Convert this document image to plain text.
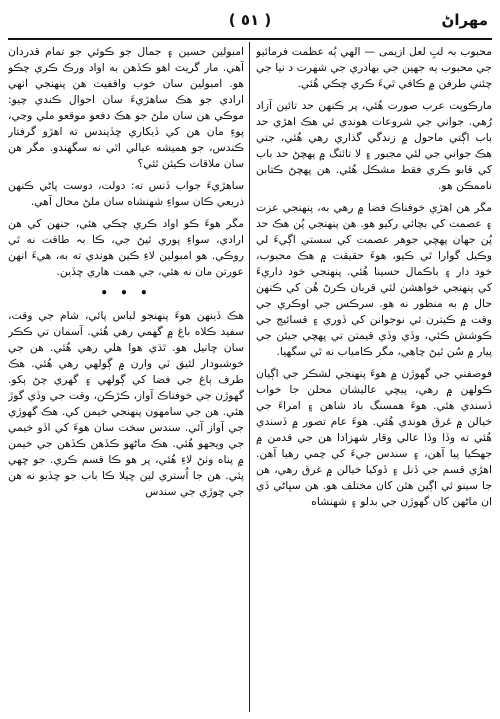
مهراڻ
( ٥١ )

محبوب بہ لبِ لعل ازیمی — الهي ٻُه عظمت فرمائيو جي محبوب ٻه جهين جي بهادري جي شهرت د نيا جي چئني طرفن ۾ ڪافي ٿيءَ ڪري چڪي هُئي.

مارڪوپت عرب صورت هُئي، پر ڪنهن حد تائين آزاد رُهي. جواني جي شروعات هوندي ئي هڪ اهڙي حد باب اڳتي ماحول ۾ زندگي گذاري رهي هُئي، جتي هڪ جواني جي لئي مجبور ۽ لا تائنگ ۾ پهچڻ حد باب کي قابو ڪري فقط مشڪل هُئي. هن پهچڻ ڪتابن ناممڪن هو.

مگر هن اهڙي خوفناڪ فضا ۾ رهي به، پنهنجي عزت ۽ عصمت کي بچائي رکيو هو. هن پنهنجي پُن هڪ حد پُن جهان پهچي جوهر عصمت کي سستي اڳيءَ لي وڪيل گوارا ٿي ڪيو، هوءَ حقيقت ۾ هڪ محبوب، خود دار ۽ باڪمال حسينا هُئي. پنهنجي خود داريءَ کي پنهنجي خواهشن لئي قربان ڪرڻ هُن کي ڪنهن حال ۾ به منظور نه هو. سرڪس جي اوڪري جي وقت ۾ ڪيترن ئي نوجوانن کي ڏوري ۽ قسائيج جي ڪوشش ڪئي، وڏي وڏي قيمتن تي پهچي جيئن جي پيار ۾ سُن ٿيڻ چاهي، مگر ڪامياب نه ٿي سگهيا.

فوصفني جي گهوڙن ۾ هوءَ پنهنجي لشڪر جي اڳيان ڪولهن ۾ رهي، پيچي عاليشان محلن جا خواب ڏسندي هئي. هوءَ همسنگ باد شاهن ۽ امراءَ جي خيالن ۾ غرق هوندي هُئي. هوءَ عام تصور ۾ ڏسندي هُئي ته وڏا وڏا عالي وقار شهزادا هن جي قدمن ۾ جهڪيا پيا آهن، ۽ سندس جيءَ کي چمي رهيا آهن. اهڙي قسم جي ڏنل ۽ ڏوکيا خيالن ۾ غرق رهي، هن جا سينو ئي اڳين هٿن کان مختلف هو. هن سڀاڻي ڏي ان ماڻهن کان گهوڙن جي بدلو ۽ شهنشاه

امبولين حسين ۽ جمال جو ڪوئي جو تمام قدردان آهي. مار گريٽ اهو ڪڏهن به اواد ورڪ ڪري چڪو هو. امبولين سان خوب واقفيت هن پنهنجي انهي ارادي جو هڪ ساهڙيءَ سان احوال ڪندي چيو: موڪي هن سان ملڻ جو هڪ دفعو موقعو ملي وڃي، پوءِ مان هن کي ڏيکاري ڇڏيندس ته اهڙو گرفتار ڪندس، جو هميشه عيالي اٿي نه سگهندو. مگر هن سان ملاقات ڪيئن ٿئي؟

ساهڙيءَ جواب ڏنس ته: دولت، دوست پاڻي ڪنهن ذريعي ڪان سواءِ شهنشاه سان ملڻ محال آهي.

مگر هوءَ ڪو اواد ڪري چڪي هئي، جنهن کي هن ارادي، سواءِ پوري ٿيڻ جي، ڪا بہ طاقت نه ٿي روڪي. هو امبولين لاءِ ڪين هوندي ته به، هيءَ انهن عورتن مان نه هئي، جي همت هاري ڇڏين.

• • •

هڪ ڏينهن هوءَ پنهنجو لباس پائي، شام جي وقت، سفيد ڪلاه باغ ۾ گهمي رهي هُئي. آسمان تي ڪڪر سان ڇانيل هو. ٿڌي هوا هلي رهي هُئي. هن جي خوشبودار لئيق ٽي وارن ۾ ڳولهي رهي هُئي. هڪ طرف ٻاغ جي فضا کي ڳولهي ۽ گهري چڻ ٻکو. گهوڙن جي خوفناڪ آواز، ڪڙڪن، وقت جي وڏي گوڙ هئي. هن جي سامهون پنهنجي خيمن کي. هڪ گهوڙي جي آواز آئي. سندس سخت سان هوءَ کي اڏو خيمي جي ويجهو هُئي. هڪ ماڻهو ڪڏهن ڪڏهن جي خيمن ۾ پناه وٺڻ لاءِ هُئي، پر هو ڪا قسم ڪري. جو ڇهي پئي. هن جا اُستري لين ڇيلا ڪا باب جو ڇڏيو نه هن جي ڇوڙي جي سندس
